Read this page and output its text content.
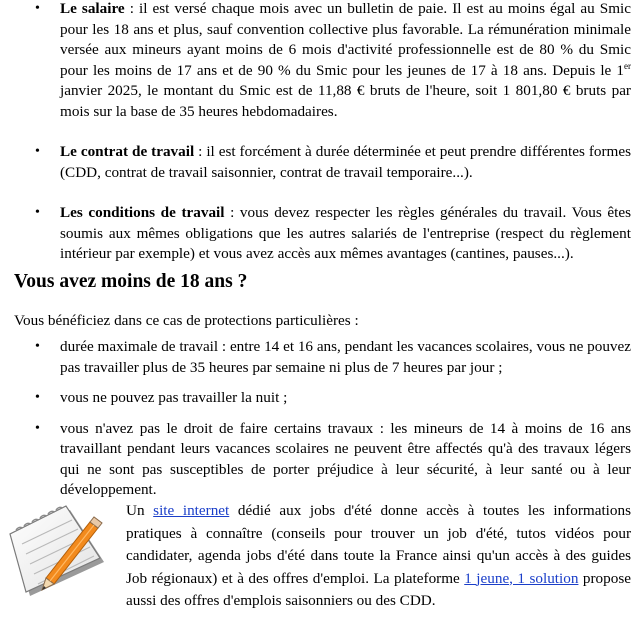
• Le salaire : il est versé chaque mois avec un bulletin de paie. Il est au moins égal au Smic pour les 18 ans et plus, sauf convention collective plus favorable. La rémunération minimale versée aux mineurs ayant moins de 6 mois d'activité professionnelle est de 80 % du Smic pour les moins de 17 ans et de 90 % du Smic pour les jeunes de 17 à 18 ans. Depuis le 1er janvier 2025, le montant du Smic est de 11,88 € bruts de l'heure, soit 1 801,80 € bruts par mois sur la base de 35 heures hebdomadaires.
• Le contrat de travail : il est forcément à durée déterminée et peut prendre différentes formes (CDD, contrat de travail saisonnier, contrat de travail temporaire...).
• Les conditions de travail : vous devez respecter les règles générales du travail. Vous êtes soumis aux mêmes obligations que les autres salariés de l'entreprise (respect du règlement intérieur par exemple) et vous avez accès aux mêmes avantages (cantines, pauses...).
Vous avez moins de 18 ans ?

Vous bénéficiez dans ce cas de protections particulières :

• durée maximale de travail : entre 14 et 16 ans, pendant les vacances scolaires, vous ne pouvez pas travailler plus de 35 heures par semaine ni plus de 7 heures par jour ;
• vous ne pouvez pas travailler la nuit ;
• vous n'avez pas le droit de faire certains travaux : les mineurs de 14 à moins de 16 ans travaillant pendant leurs vacances scolaires ne peuvent être affectés qu'à des travaux légers qui ne sont pas susceptibles de porter préjudice à leur sécurité, à leur santé ou à leur développement.

Un site internet dédié aux jobs d'été donne accès à toutes les informations pratiques à connaître (conseils pour trouver un job d'été, tutos vidéos pour candidater, agenda jobs d'été dans toute la France ainsi qu'un accès à des guides Job régionaux) et à des offres d'emploi. La plateforme 1 jeune, 1 solution propose aussi des offres d'emplois saisonniers ou des CDD.
